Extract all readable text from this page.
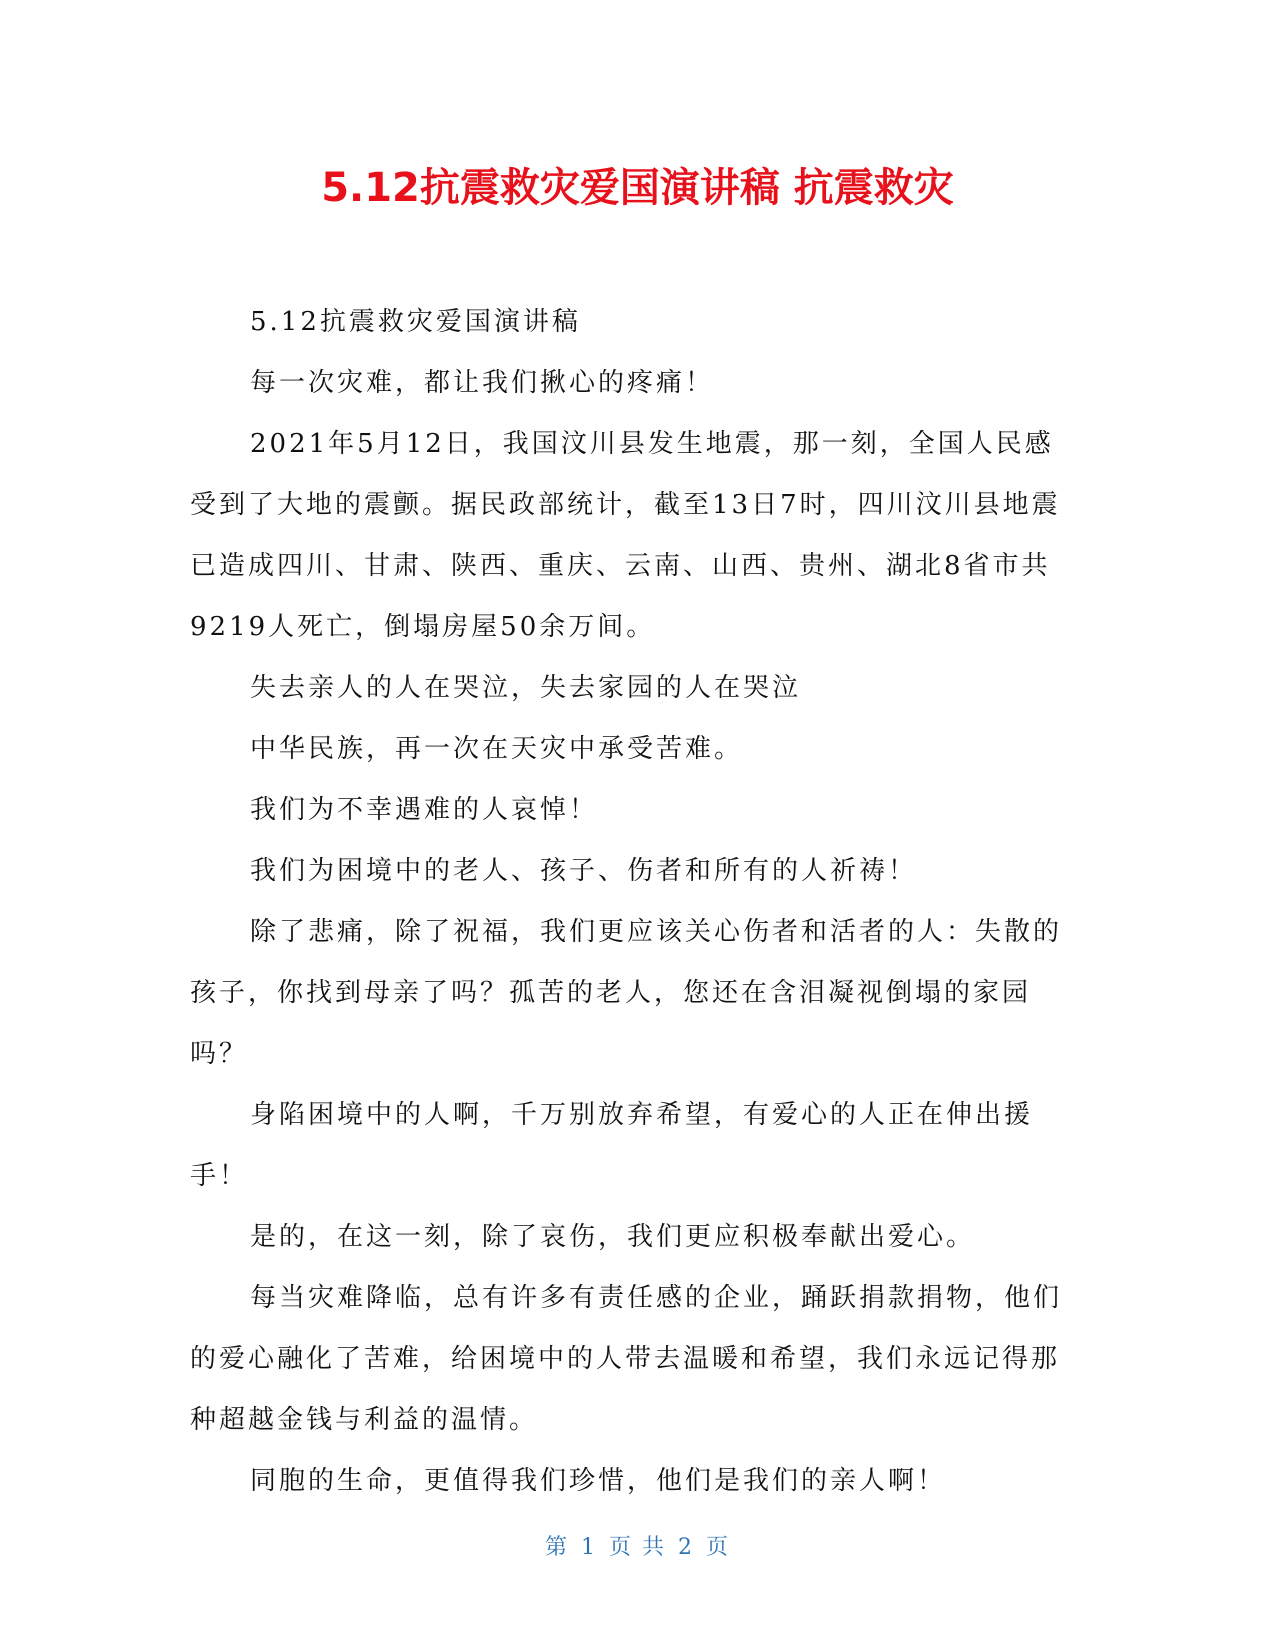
5.12抗震救灾爱国演讲稿 抗震救灾

5.12抗震救灾爱国演讲稿

每一次灾难，都让我们揪心的疼痛！

2021年5月12日，我国汶川县发生地震，那一刻，全国人民感受到了大地的震颤。据民政部统计，截至13日7时，四川汶川县地震已造成四川、甘肃、陕西、重庆、云南、山西、贵州、湖北8省市共9219人死亡，倒塌房屋50余万间。

失去亲人的人在哭泣，失去家园的人在哭泣

中华民族，再一次在天灾中承受苦难。

我们为不幸遇难的人哀悼！

我们为困境中的老人、孩子、伤者和所有的人祈祷！

除了悲痛，除了祝福，我们更应该关心伤者和活者的人：失散的孩子，你找到母亲了吗？孤苦的老人，您还在含泪凝视倒塌的家园吗？

身陷困境中的人啊，千万别放弃希望，有爱心的人正在伸出援手！

是的，在这一刻，除了哀伤，我们更应积极奉献出爱心。

每当灾难降临，总有许多有责任感的企业，踊跃捐款捐物，他们的爱心融化了苦难，给困境中的人带去温暖和希望，我们永远记得那种超越金钱与利益的温情。

同胞的生命，更值得我们珍惜，他们是我们的亲人啊！

第 1 页 共 2 页
